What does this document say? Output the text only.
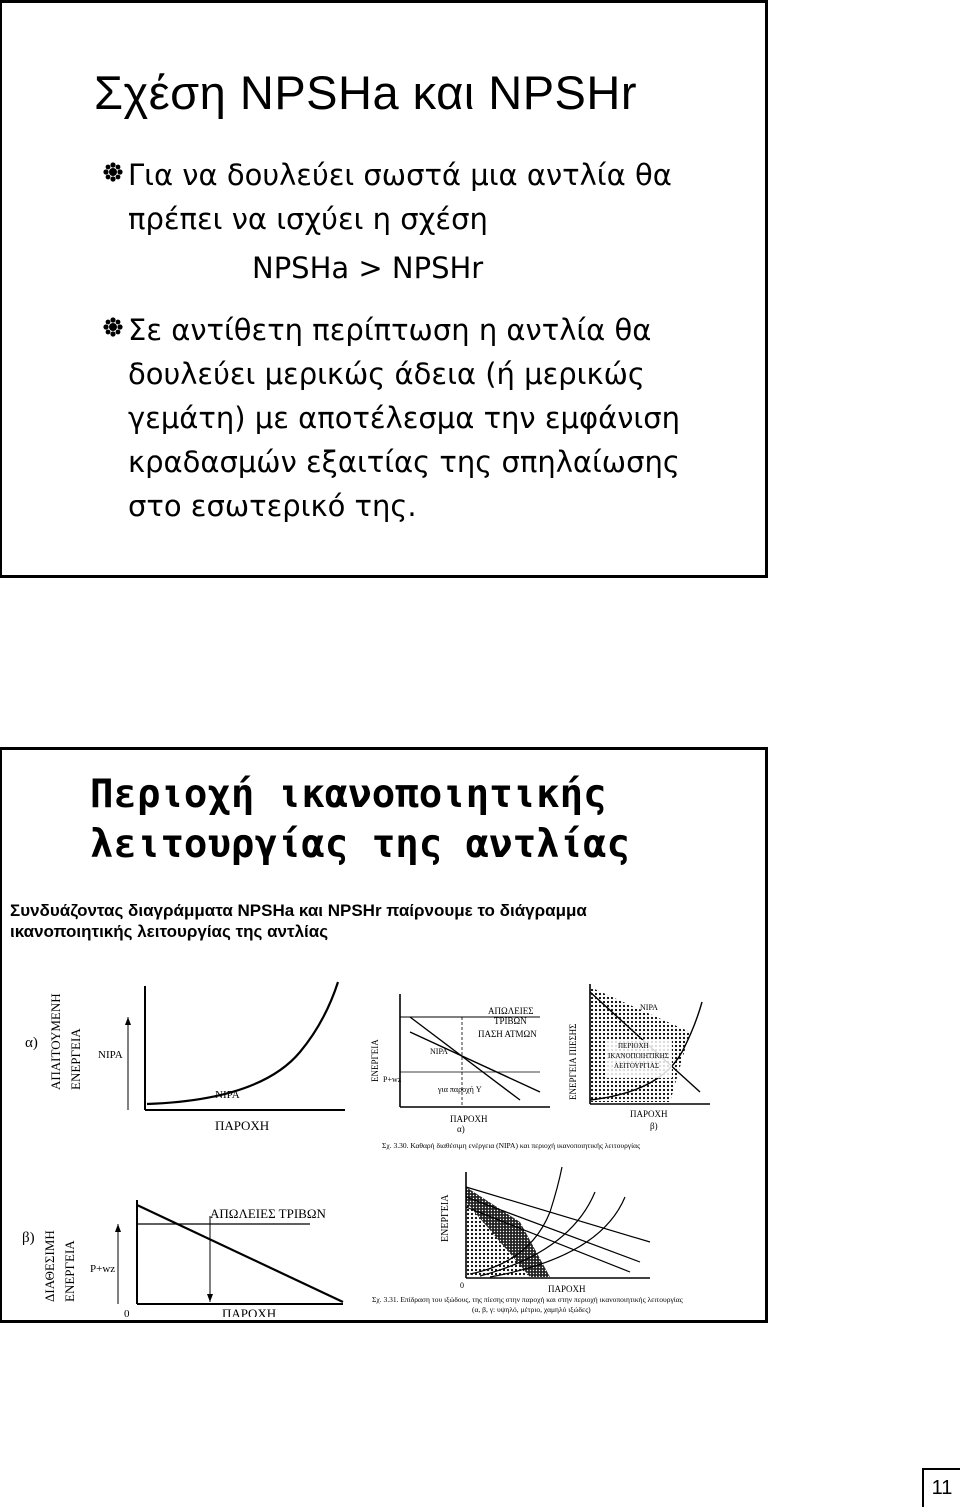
Σχέση NPSHa και NPSHr
Για να δουλεύει σωστά μια αντλία θα
πρέπει να ισχύει η σχέση
NPSHa > NPSHr
Σε αντίθετη περίπτωση η αντλία θα
δουλεύει μερικώς άδεια (ή μερικώς
γεμάτη) με αποτέλεσμα την εμφάνιση
κραδασμών εξαιτίας της σπηλαίωσης
στο εσωτερικό της.
Περιοχή ικανοποιητικής
λειτουργίας της αντλίας
Συνδυάζοντας διαγράμματα NPSHa και NPSHr παίρνουμε το διάγραμμα
ικανοποιητικής λειτουργίας της αντλίας
α) ΑΠΑΙΤΟΥΜΕΝΗ ΕΝΕΡΓΕΙΑ NIPA
NIPA
ΠΑΡΟΧΗ
β) ΔΙΑΘΕΣΙΜΗ ΕΝΕΡΓΕΙΑ P+wz
0
ΑΠΩΛΕΙΕΣ ΤΡΙΒΩΝ
ΠΑΡΟΧΗ
ΕΝΕΡΓΕΙΑ P+wz
ΑΠΩΛΕΙΕΣ
ΤΡΙΒΩΝ
ΠΑΣΗ ΑΤΜΩΝ
NIPA
για παροχή Y
ΠΑΡΟΧΗ
α)
ΕΝΕΡΓΕΙΑ ΠΙΕΣΗΣ
NIPA
ΠΕΡΙΟΧΗ
ΙΚΑΝΟΠΟΙΗΤΙΚΗΣ
ΛΕΙΤΟΥΡΓΙΑΣ
ΠΑΡΟΧΗ
β)
Σχ. 3.30. Καθαρή διαθέσιμη ενέργεια (NIPA) και περιοχή ικανοποιητικής λειτουργίας
ΕΝΕΡΓΕΙΑ
ΠΑΡΟΧΗ
0
Σχ. 3.31. Επίδραση του ιξώδους, της πίεσης στην παροχή και στην περιοχή ικανοποιητικής λειτουργίας
(α, β, γ: υψηλό, μέτριο, χαμηλό ιξώδες)
11
